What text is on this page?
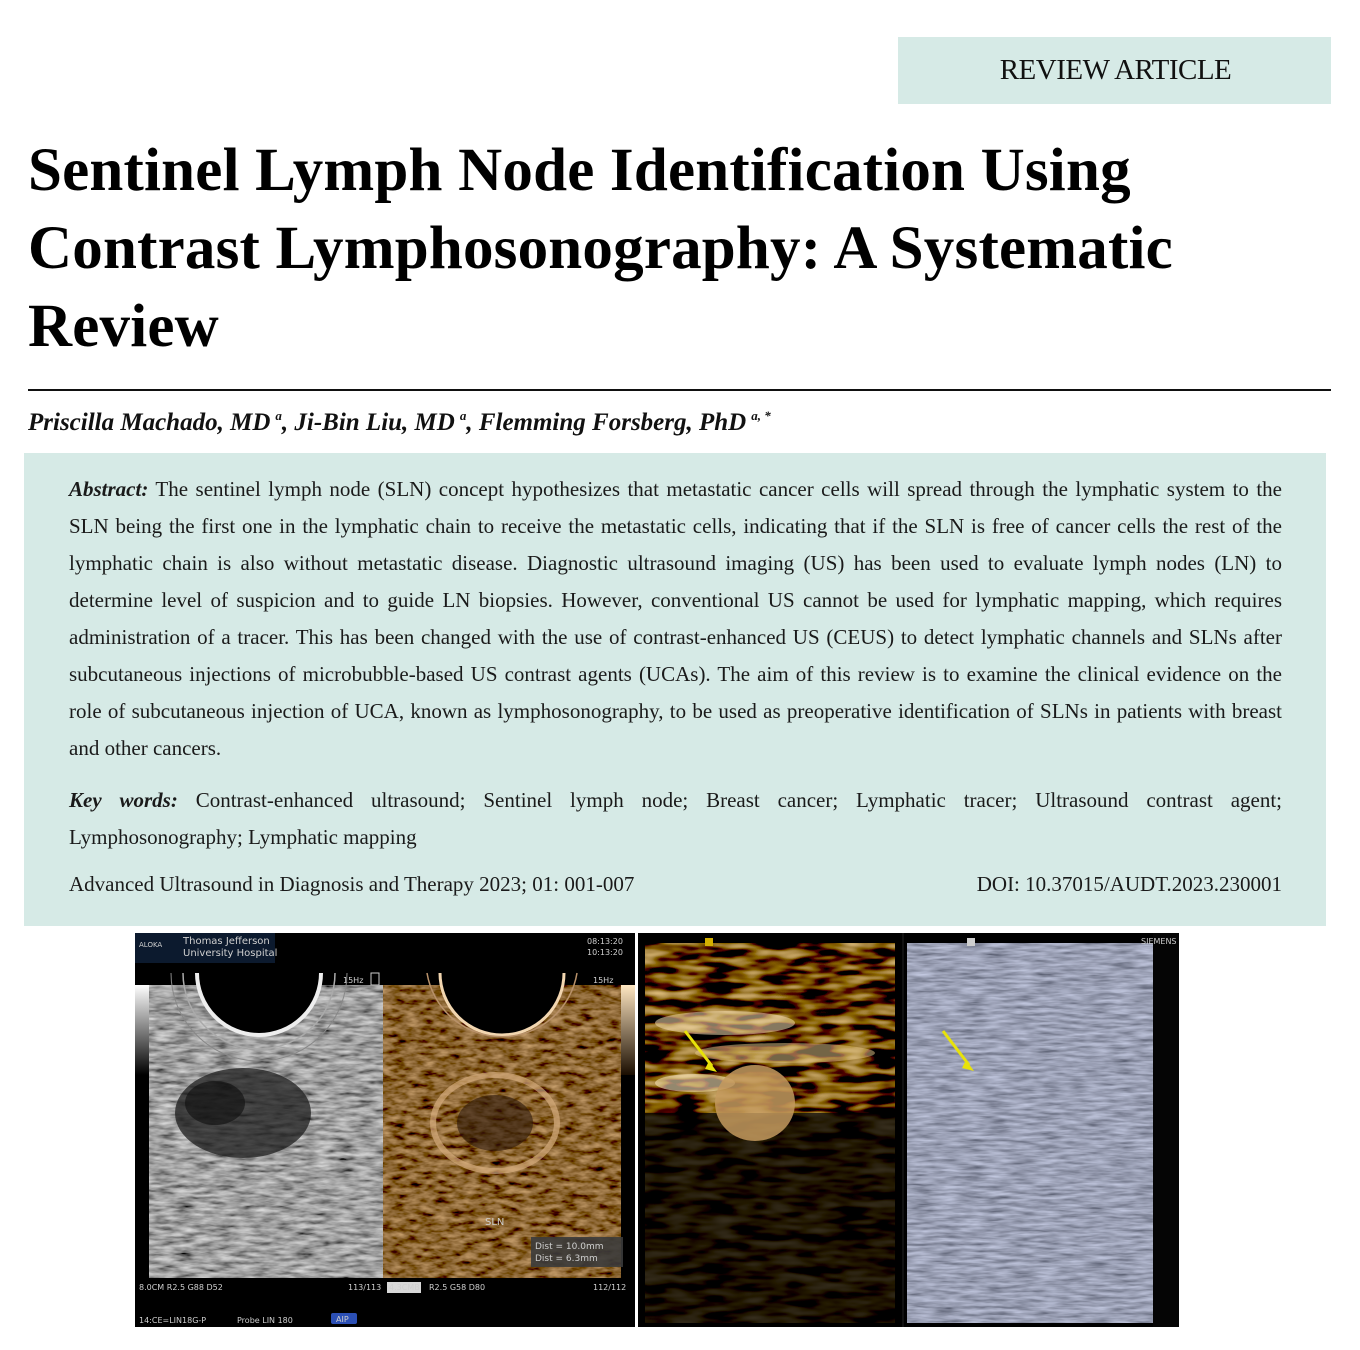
REVIEW ARTICLE
Sentinel Lymph Node Identification Using Contrast Lymphosonography: A Systematic Review
Priscilla Machado, MD $^a$, Ji-Bin Liu, MD $^a$, Flemming Forsberg, PhD $^{a, *}$

Abstract: The sentinel lymph node (SLN) concept hypothesizes that metastatic cancer cells will spread through the lymphatic system to the SLN being the first one in the lymphatic chain to receive the metastatic cells, indicating that if the SLN is free of cancer cells the rest of the lymphatic chain is also without metastatic disease. Diagnostic ultrasound imaging (US) has been used to evaluate lymph nodes (LN) to determine level of suspicion and to guide LN biopsies. However, conventional US cannot be used for lymphatic mapping, which requires administration of a tracer. This has been changed with the use of contrast-enhanced US (CEUS) to detect lymphatic channels and SLNs after subcutaneous injections of microbubble-based US contrast agents (UCAs). The aim of this review is to examine the clinical evidence on the role of subcutaneous injection of UCA, known as lymphosonography, to be used as preoperative identification of SLNs in patients with breast and other cancers.

Key words: Contrast-enhanced ultrasound; Sentinel lymph node; Breast cancer; Lymphatic tracer; Ultrasound contrast agent; Lymphosonography; Lymphatic mapping

Advanced Ultrasound in Diagnosis and Therapy 2023; 01: 001-007	DOI: 10.37015/AUDT.2023.230001
ALOKA Thomas Jefferson
University Hospital
08:13:20
10:13:20
15Hz	15Hz
SLN
Dist = 10.0mm
Dist = 6.3mm
8.0CM R2.5 G88 D52	113/113 4.3CMB R2.5 G58 D80	112/112
14:CE=LIN18G-P	Probe LIN 180	AIP
SIEMENS
